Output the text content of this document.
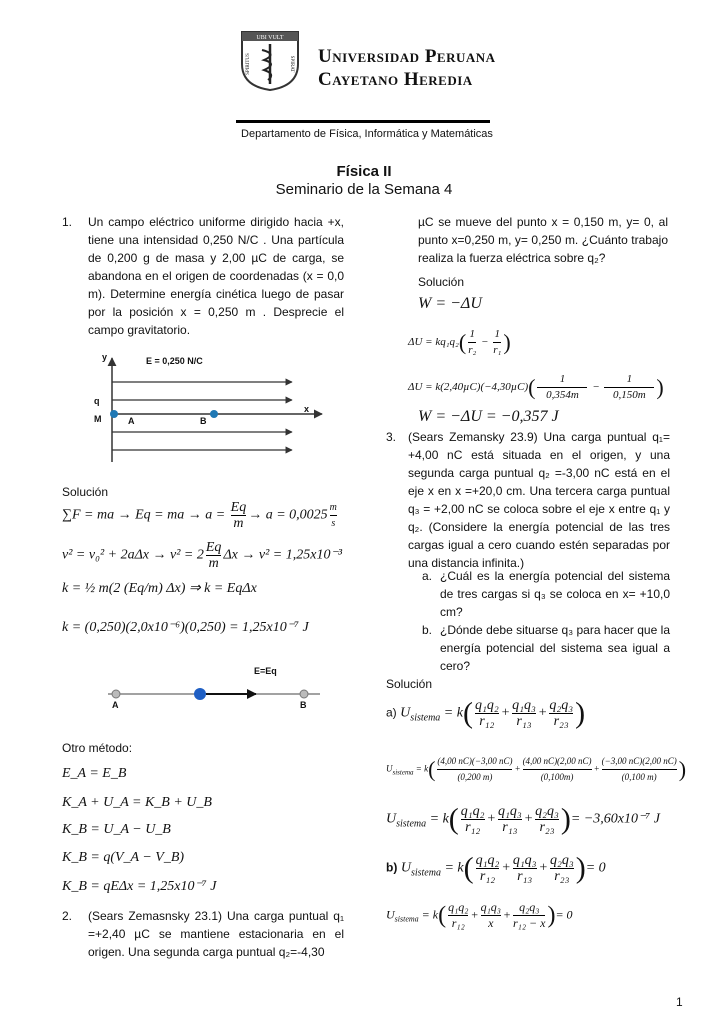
UBI VULT
SPIRITUS	SPIRAT Universidad Peruana
Cayetano Heredia
Departamento de Física, Informática y Matemáticas
Física II
Seminario de la Semana 4
1. Un campo eléctrico uniforme dirigido hacia +x, tiene una intensidad 0,250 N/C . Una partícula de 0,200 g de masa y 2,00 µC de carga, se abandona en el origen de coordenadas (x = 0,0 m). Determine energía cinética luego de pasar por la posición x = 0,250 m . Desprecie el campo gravitatorio.
E = 0,250 N/C
y
x
q
M	A	B
Solución
∑F = ma → Eq = ma → $a = \frac{Eq}{m} \to a = 0,0025 \frac{m}{s}$
$v^2 = v_0^2 + 2a\Delta x \to v^2 = 2 \frac{Eq}{m}$ Δx → v² = 1,25x10⁻³
k = ½ m(2 (Eq/m) Δx) ⇒ k = EqΔx
k = (0,250)(2,0x10⁻⁶)(0,250) = 1,25x10⁻⁷ J
E=Eq
A	B
Otro método:
E_A = E_B
K_A + U_A = K_B + U_B
K_B = U_A − U_B
K_B = q(V_A − V_B)
K_B = qEΔx = 1,25x10⁻⁷ J
2. (Sears Zemasnsky 23.1) Una carga puntual q₁ =+2,40 µC se mantiene estacionaria en el origen. Una segunda carga puntual q₂=-4,30
µC se mueve del punto x = 0,150 m, y= 0, al punto x=0,250 m, y= 0,250 m. ¿Cuánto trabajo realiza la fuerza eléctrica sobre q₂?
Solución
W = −ΔU
$\Delta U = kq_1q_2( \frac{1}{\text{r₂}} - \frac{1}{\text{r₁}}$ )
$\Delta U = k(2,40\mu C)(-4,30\mu C)( \frac{1}{0,354m} - \frac{1}{0,150m}$ )
W = −ΔU = −0,357 J
3. (Sears Zemansky 23.9) Una carga puntual q₁= +4,00 nC está situada en el origen, y una segunda carga puntual q₂ =-3,00 nC está en el eje x en x =+20,0 cm. Una tercera carga puntual q₃ = +2,00 nC se coloca sobre el eje x entre q₁ y q₂. (Considere la energía potencial de las tres cargas igual a cero cuando estén separadas por una distancia infinita.)
a. ¿Cuál es la energía potencial del sistema de tres cargas si q₃ se coloca en x= +10,0 cm?
b. ¿Dónde debe situarse q₃ para hacer que la energía potencial del sistema sea igual a cero?
Solución
a) $U_{sistema} = k( \frac{\text{q₁q₂}}{\text{r₁₂}} + \frac{\text{q₁q₃}}{\text{r₁₃}} + \frac{\text{q₂q₃}}{\text{r₂₃}}$ )
$U_{sistema} = k( \frac{(4,00 nC)(-3,00 nC)}{(0,200 m)} + \frac{(4,00 nC)(2,00 nC)}{(0,100m)} + \frac{(-3,00 nC)(2,00 nC)}{(0,100 m)}$ )
$U_{sistema} = k( \frac{\text{q₁q₂}}{\text{r₁₂}} + \frac{\text{q₁q₃}}{\text{r₁₃}} + \frac{\text{q₂q₃}}{\text{r₂₃}}$ )= −3,60x10⁻⁷ J
b) $U_{sistema} = k( \frac{\text{q₁q₂}}{\text{r₁₂}} + \frac{\text{q₁q₃}}{\text{r₁₃}} + \frac{\text{q₂q₃}}{\text{r₂₃}}$ )= 0
$U_{sistema} = k( \frac{\text{q₁q₂}}{\text{r₁₂}} + \frac{\text{q₁q₃}}{x} + \frac{\text{q₂q₃}}{\text{r₁₂ − x}}$ )= 0
1
